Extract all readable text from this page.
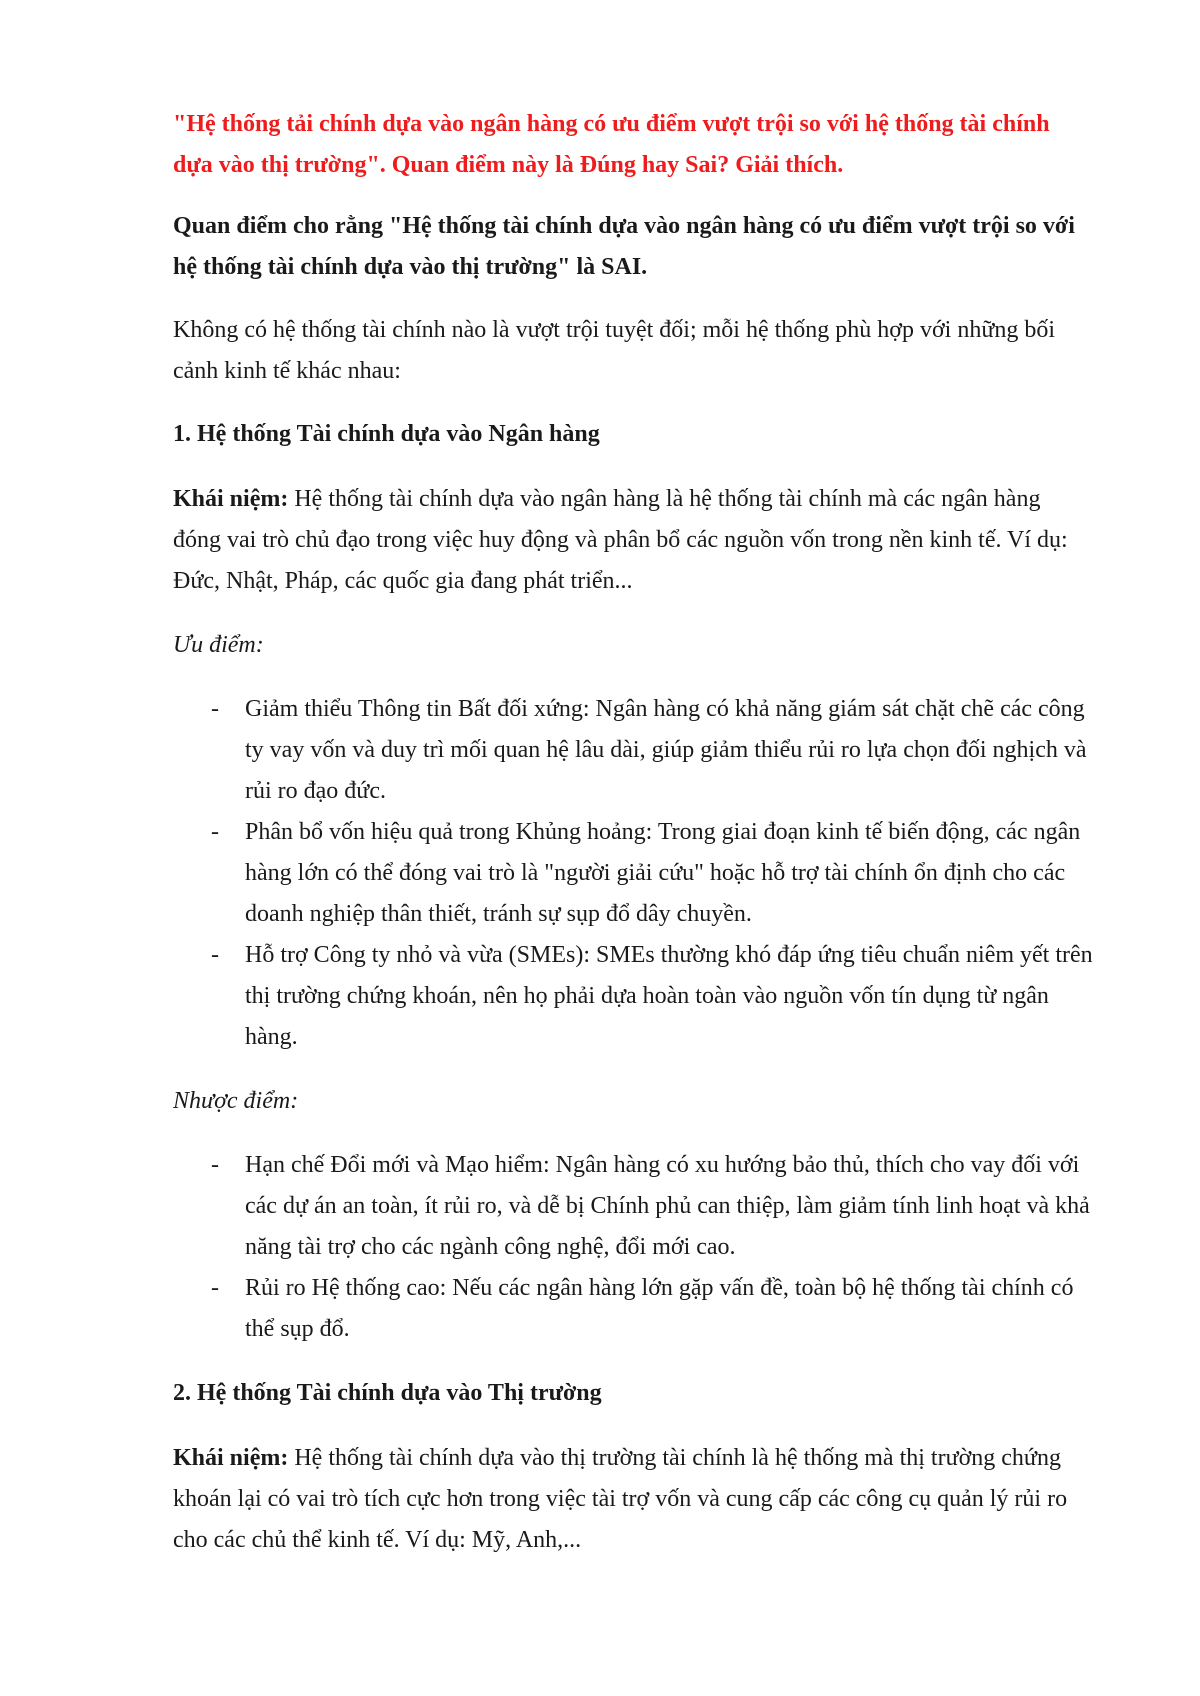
"Hệ thống tải chính dựa vào ngân hàng có ưu điểm vượt trội so với hệ thống tài chính dựa vào thị trường". Quan điểm này là Đúng hay Sai? Giải thích.

Quan điểm cho rằng "Hệ thống tài chính dựa vào ngân hàng có ưu điểm vượt trội so với hệ thống tài chính dựa vào thị trường" là SAI.

Không có hệ thống tài chính nào là vượt trội tuyệt đối; mỗi hệ thống phù hợp với những bối cảnh kinh tế khác nhau:

1. Hệ thống Tài chính dựa vào Ngân hàng

Khái niệm: Hệ thống tài chính dựa vào ngân hàng là hệ thống tài chính mà các ngân hàng đóng vai trò chủ đạo trong việc huy động và phân bổ các nguồn vốn trong nền kinh tế. Ví dụ: Đức, Nhật, Pháp, các quốc gia đang phát triển...

Ưu điểm:

- Giảm thiểu Thông tin Bất đối xứng: Ngân hàng có khả năng giám sát chặt chẽ các công ty vay vốn và duy trì mối quan hệ lâu dài, giúp giảm thiểu rủi ro lựa chọn đối nghịch và rủi ro đạo đức.
- Phân bổ vốn hiệu quả trong Khủng hoảng: Trong giai đoạn kinh tế biến động, các ngân hàng lớn có thể đóng vai trò là "người giải cứu" hoặc hỗ trợ tài chính ổn định cho các doanh nghiệp thân thiết, tránh sự sụp đổ dây chuyền.
- Hỗ trợ Công ty nhỏ và vừa (SMEs): SMEs thường khó đáp ứng tiêu chuẩn niêm yết trên thị trường chứng khoán, nên họ phải dựa hoàn toàn vào nguồn vốn tín dụng từ ngân hàng.

Nhược điểm:

- Hạn chế Đổi mới và Mạo hiểm: Ngân hàng có xu hướng bảo thủ, thích cho vay đối với các dự án an toàn, ít rủi ro, và dễ bị Chính phủ can thiệp, làm giảm tính linh hoạt và khả năng tài trợ cho các ngành công nghệ, đổi mới cao.
- Rủi ro Hệ thống cao: Nếu các ngân hàng lớn gặp vấn đề, toàn bộ hệ thống tài chính có thể sụp đổ.

2. Hệ thống Tài chính dựa vào Thị trường

Khái niệm: Hệ thống tài chính dựa vào thị trường tài chính là hệ thống mà thị trường chứng khoán lại có vai trò tích cực hơn trong việc tài trợ vốn và cung cấp các công cụ quản lý rủi ro cho các chủ thể kinh tế. Ví dụ: Mỹ, Anh,...
